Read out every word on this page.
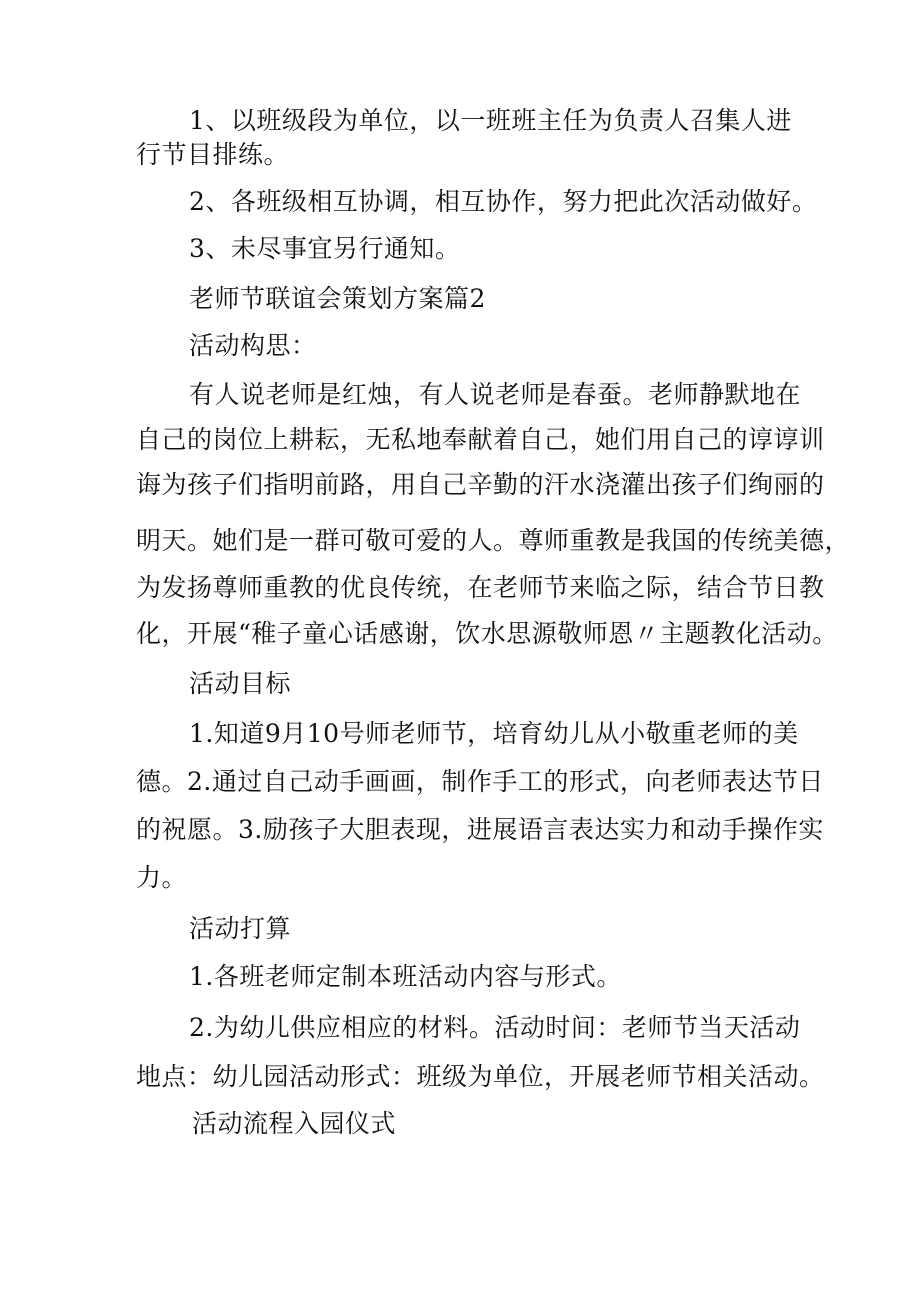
1、以班级段为单位，以一班班主任为负责人召集人进
行节目排练。
2、各班级相互协调，相互协作，努力把此次活动做好。
3、未尽事宜另行通知。
老师节联谊会策划方案篇2
活动构思：
有人说老师是红烛，有人说老师是春蚕。老师静默地在
自己的岗位上耕耘，无私地奉献着自己，她们用自己的谆谆训
诲为孩子们指明前路，用自己辛勤的汗水浇灌出孩子们绚丽的
明天。她们是一群可敬可爱的人。尊师重教是我国的传统美德，
为发扬尊师重教的优良传统，在老师节来临之际，结合节日教
化，开展“稚子童心话感谢，饮水思源敬师恩〃主题教化活动。
活动目标
1.知道9月10号师老师节，培育幼儿从小敬重老师的美
德。2.通过自己动手画画，制作手工的形式，向老师表达节日
的祝愿。3.励孩子大胆表现，进展语言表达实力和动手操作实
力。
活动打算
1.各班老师定制本班活动内容与形式。
2.为幼儿供应相应的材料。活动时间：老师节当天活动
地点：幼儿园活动形式：班级为单位，开展老师节相关活动。
活动流程入园仪式
